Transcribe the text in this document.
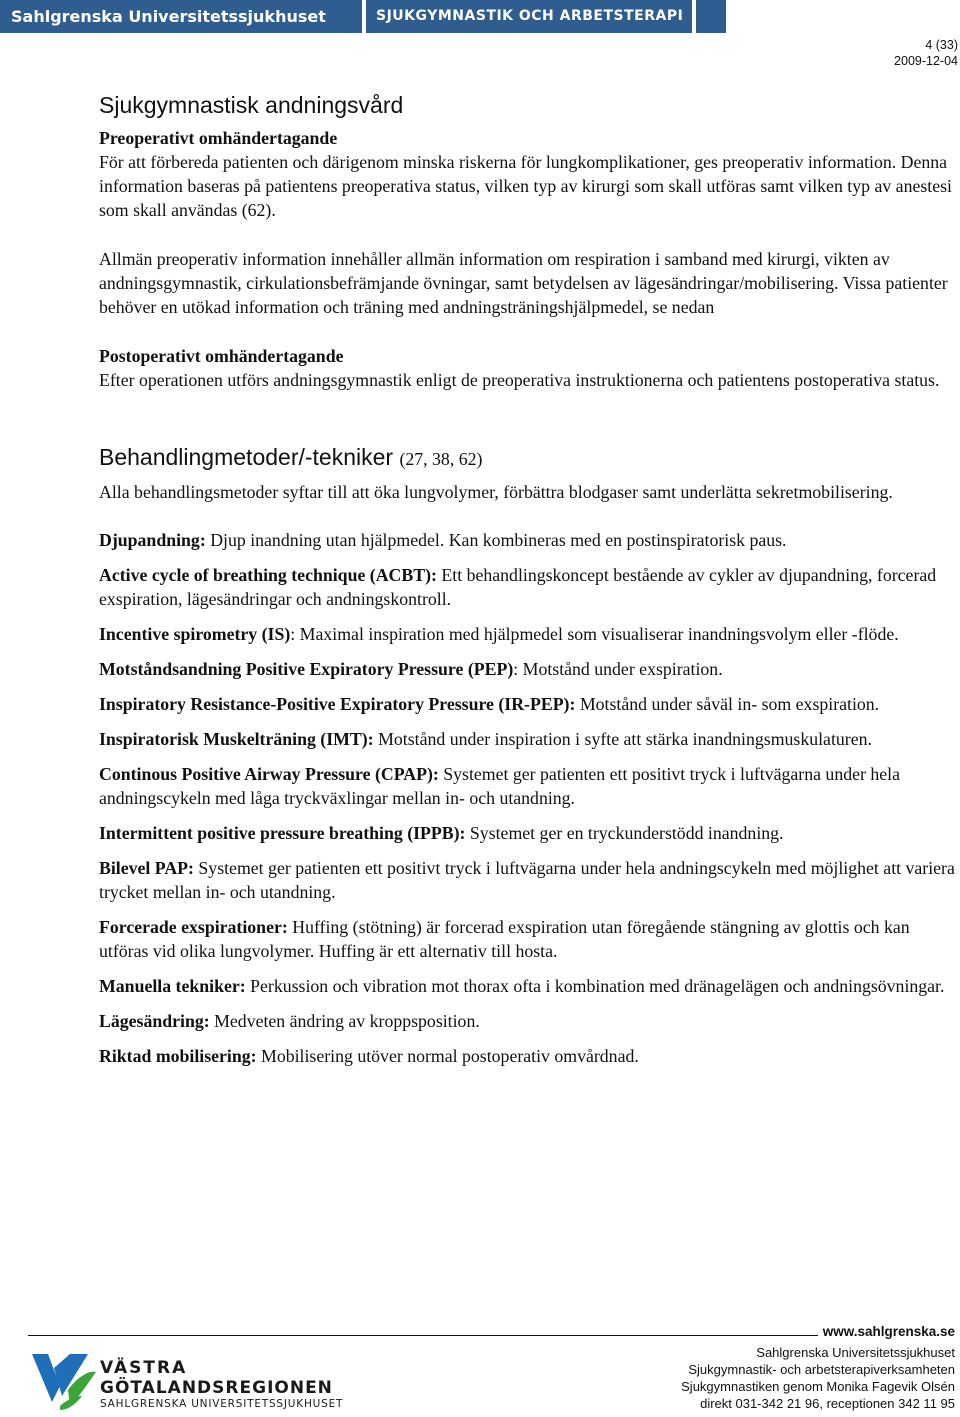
Sahlgrenska Universitetssjukhuset	SJUKGYMNASTIK OCH ARBETSTERAPI
4 (33)
2009-12-04
Sjukgymnastisk andningsvård

Preoperativt omhändertagande

För att förbereda patienten och därigenom minska riskerna för lungkomplikationer, ges preoperativ information. Denna information baseras på patientens preoperativa status, vilken typ av kirurgi som skall utföras samt vilken typ av anestesi som skall användas (62).

Allmän preoperativ information innehåller allmän information om respiration i samband med kirurgi, vikten av andningsgymnastik, cirkulationsbefrämjande övningar, samt betydelsen av lägesändringar/mobilisering. Vissa patienter behöver en utökad information och träning med andningsträningshjälpmedel, se nedan

Postoperativt omhändertagande

Efter operationen utförs andningsgymnastik enligt de preoperativa instruktionerna och patientens postoperativa status.

Behandlingmetoder/-tekniker (27, 38, 62)

Alla behandlingsmetoder syftar till att öka lungvolymer, förbättra blodgaser samt underlätta sekretmobilisering.

Djupandning: Djup inandning utan hjälpmedel. Kan kombineras med en postinspiratorisk paus.

Active cycle of breathing technique (ACBT): Ett behandlingskoncept bestående av cykler av djupandning, forcerad exspiration, lägesändringar och andningskontroll.

Incentive spirometry (IS): Maximal inspiration med hjälpmedel som visualiserar inandningsvolym eller -flöde.

Motståndsandning Positive Expiratory Pressure (PEP): Motstånd under exspiration.

Inspiratory Resistance-Positive Expiratory Pressure (IR-PEP): Motstånd under såväl in- som exspiration.

Inspiratorisk Muskelträning (IMT): Motstånd under inspiration i syfte att stärka inandningsmuskulaturen.

Continous Positive Airway Pressure (CPAP): Systemet ger patienten ett positivt tryck i luftvägarna under hela andningscykeln med låga tryckväxlingar mellan in- och utandning.

Intermittent positive pressure breathing (IPPB): Systemet ger en tryckunderstödd inandning.

Bilevel PAP: Systemet ger patienten ett positivt tryck i luftvägarna under hela andningscykeln med möjlighet att variera trycket mellan in- och utandning.

Forcerade exspirationer: Huffing (stötning) är forcerad exspiration utan föregående stängning av glottis och kan utföras vid olika lungvolymer. Huffing är ett alternativ till hosta.

Manuella tekniker: Perkussion och vibration mot thorax ofta i kombination med dränagelägen och andningsövningar.

Lägesändring: Medveten ändring av kroppsposition.

Riktad mobilisering: Mobilisering utöver normal postoperativ omvårdnad.

www.sahlgrenska.se
Sahlgrenska Universitetssjukhuset
Sjukgymnastik- och arbetsterapiverksamheten
Sjukgymnastiken genom Monika Fagevik Olsén
direkt 031-342 21 96, receptionen 342 11 95
VÄSTRA
GÖTALANDSREGIONEN
SAHLGRENSKA UNIVERSITETSSJUKHUSET
